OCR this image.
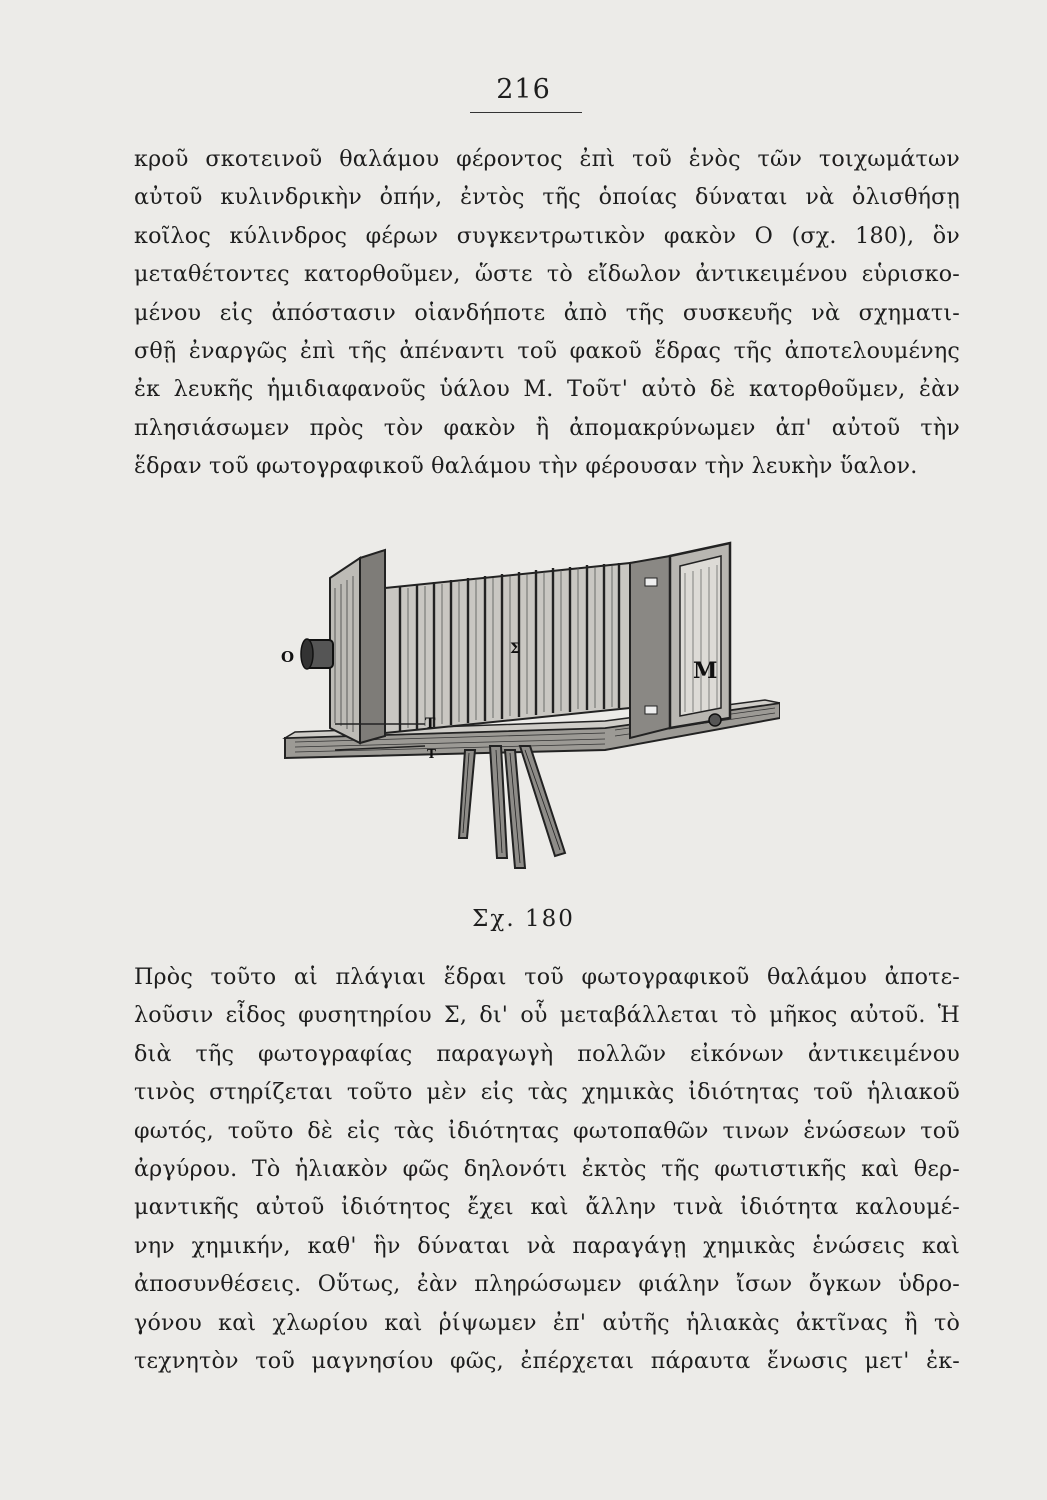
216

κροῦ σκοτεινοῦ θαλάμου φέροντος ἐπὶ τοῦ ἑνὸς τῶν τοιχωμάτων
αὐτοῦ κυλινδρικὴν ὀπήν, ἐντὸς τῆς ὁποίας δύναται νὰ ὀλισθήσῃ
κοῖλος κύλινδρος φέρων συγκεντρωτικὸν φακὸν Ο (σχ. 180), ὃν
μεταθέτοντες κατορθοῦμεν, ὥστε τὸ εἴδωλον ἀντικειμένου εὑρισκο-
μένου εἰς ἀπόστασιν οἱανδήποτε ἀπὸ τῆς συσκευῆς νὰ σχηματι-
σθῇ ἐναργῶς ἐπὶ τῆς ἀπέναντι τοῦ φακοῦ ἕδρας τῆς ἀποτελουμένης
ἐκ λευκῆς ἡμιδιαφανοῦς ὑάλου Μ. Τοῦτ' αὐτὸ δὲ κατορθοῦμεν, ἐὰν
πλησιάσωμεν πρὸς τὸν φακὸν ἢ ἀπομακρύνωμεν ἀπ' αὐτοῦ τὴν
ἕδραν τοῦ φωτογραφικοῦ θαλάμου τὴν φέρουσαν τὴν λευκὴν ὕαλον.

O	Σ
M
T
T
Σχ. 180

Πρὸς τοῦτο αἱ πλάγιαι ἕδραι τοῦ φωτογραφικοῦ θαλάμου ἀποτε-
λοῦσιν εἶδος φυσητηρίου Σ, δι' οὗ μεταβάλλεται τὸ μῆκος αὐτοῦ. Ἡ
διὰ τῆς φωτογραφίας παραγωγὴ πολλῶν εἰκόνων ἀντικειμένου
τινὸς στηρίζεται τοῦτο μὲν εἰς τὰς χημικὰς ἰδιότητας τοῦ ἡλιακοῦ
φωτός, τοῦτο δὲ εἰς τὰς ἰδιότητας φωτοπαθῶν τινων ἑνώσεων τοῦ
ἀργύρου. Τὸ ἡλιακὸν φῶς δηλονότι ἐκτὸς τῆς φωτιστικῆς καὶ θερ-
μαντικῆς αὐτοῦ ἰδιότητος ἔχει καὶ ἄλλην τινὰ ἰδιότητα καλουμέ-
νην χημικήν, καθ' ἣν δύναται νὰ παραγάγῃ χημικὰς ἑνώσεις καὶ
ἀποσυνθέσεις. Οὕτως, ἐὰν πληρώσωμεν φιάλην ἴσων ὄγκων ὑδρο-
γόνου καὶ χλωρίου καὶ ῥίψωμεν ἐπ' αὐτῆς ἡλιακὰς ἀκτῖνας ἢ τὸ
τεχνητὸν τοῦ μαγνησίου φῶς, ἐπέρχεται πάραυτα ἕνωσις μετ' ἐκ-
